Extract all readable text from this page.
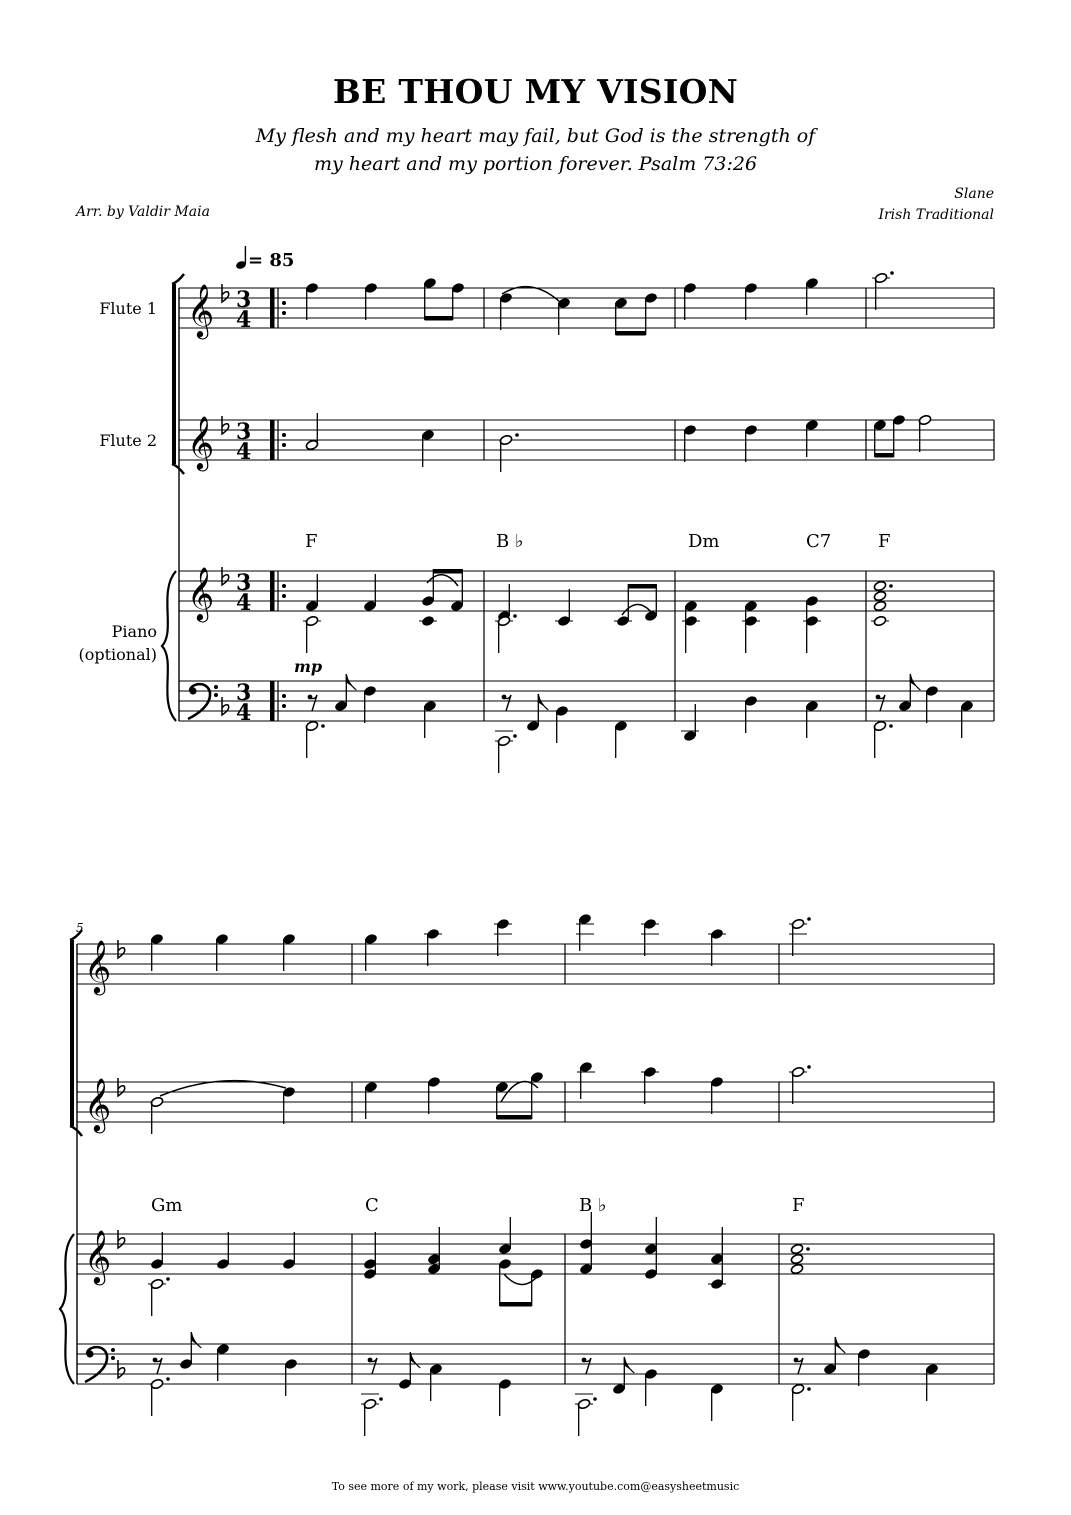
BE THOU MY VISION
My flesh and my heart may fail, but God is the strength of
my heart and my portion forever. Psalm 73:26
Arr. by Valdir Maia
Slane
Irish Traditional
= 85
Flute 1
Flute 2
Piano
(optional)
mp
5
F	B ♭	Dm	C7	F
Gm	C	B ♭	F
To see more of my work, please visit www.youtube.com@easysheetmusic
𝄞 3
4
𝄞 3
4
𝄞 3
4
3
4
𝄞
𝄞
𝄞
